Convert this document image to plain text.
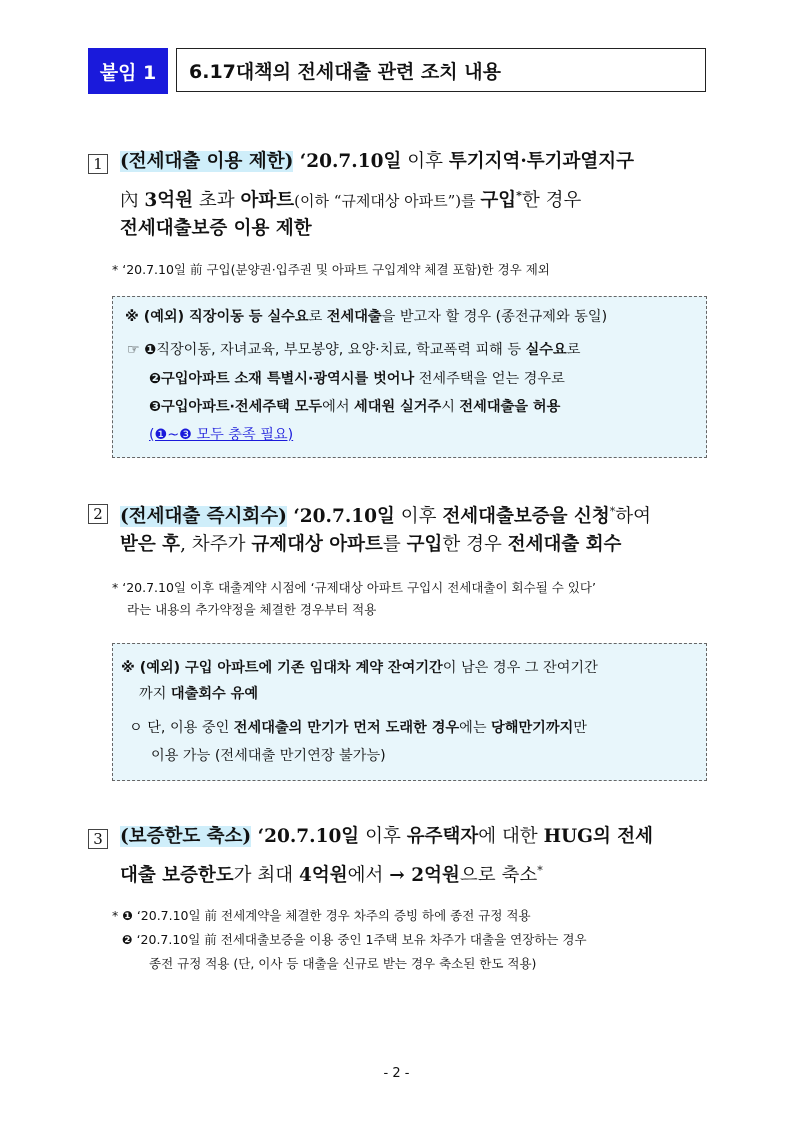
붙임 1	6.17대책의 전세대출 관련 조치 내용
1 (전세대출 이용 제한) ‘20.7.10일 이후 투기지역·투기과열지구
內 3억원 초과 아파트(이하 “규제대상 아파트”)를 구입*한 경우
전세대출보증 이용 제한
* ‘20.7.10일 前 구입(분양권·입주권 및 아파트 구입계약 체결 포함)한 경우 제외
※ (예외) 직장이동 등 실수요로 전세대출을 받고자 할 경우 (종전규제와 동일)
☞ ❶직장이동, 자녀교육, 부모봉양, 요양·치료, 학교폭력 피해 등 실수요로
❷구입아파트 소재 특별시·광역시를 벗어나 전세주택을 얻는 경우로
❸구입아파트·전세주택 모두에서 세대원 실거주시 전세대출을 허용
(❶~❸ 모두 충족 필요)
2 (전세대출 즉시회수) ‘20.7.10일 이후 전세대출보증을 신청*하여
받은 후, 차주가 규제대상 아파트를 구입한 경우 전세대출 회수
* ‘20.7.10일 이후 대출계약 시점에 ‘규제대상 아파트 구입시 전세대출이 회수될 수 있다’
라는 내용의 추가약정을 체결한 경우부터 적용
※ (예외) 구입 아파트에 기존 임대차 계약 잔여기간이 남은 경우 그 잔여기간
까지 대출회수 유예
ㅇ 단, 이용 중인 전세대출의 만기가 먼저 도래한 경우에는 당해만기까지만
이용 가능 (전세대출 만기연장 불가능)
3 (보증한도 축소) ‘20.7.10일 이후 유주택자에 대한 HUG의 전세
대출 보증한도가 최대 4억원에서 → 2억원으로 축소*
* ❶ ‘20.7.10일 前 전세계약을 체결한 경우 차주의 증빙 하에 종전 규정 적용
❷ ‘20.7.10일 前 전세대출보증을 이용 중인 1주택 보유 차주가 대출을 연장하는 경우
종전 규정 적용 (단, 이사 등 대출을 신규로 받는 경우 축소된 한도 적용)
- 2 -
